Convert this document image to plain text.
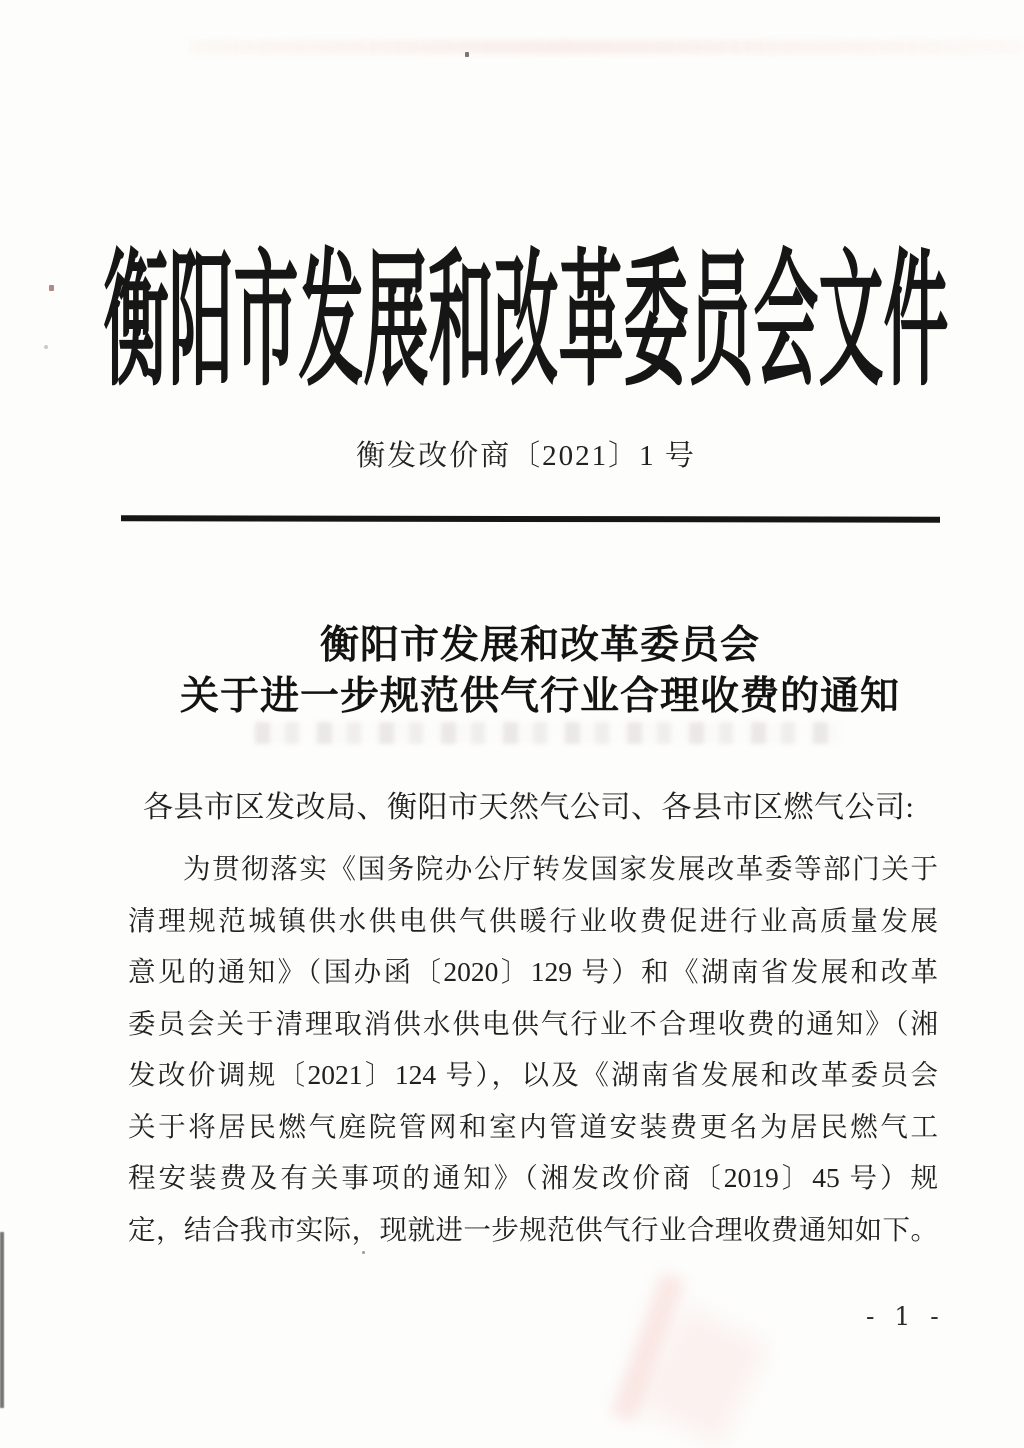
衡阳市发展和改革委员会文件
衡发改价商〔2021〕1 号
衡阳市发展和改革委员会
关于进一步规范供气行业合理收费的通知
各县市区发改局、衡阳市天然气公司、各县市区燃气公司:
为贯彻落实《国务院办公厅转发国家发展改革委等部门关于
清理规范城镇供水供电供气供暖行业收费促进行业高质量发展
意见的通知》（国办函〔2020〕129 号）和《湖南省发展和改革
委员会关于清理取消供水供电供气行业不合理收费的通知》（湘
发改价调规〔2021〕124 号），以及《湖南省发展和改革委员会
关于将居民燃气庭院管网和室内管道安装费更名为居民燃气工
程安装费及有关事项的通知》（湘发改价商〔2019〕45 号）规
定，结合我市实际，现就进一步规范供气行业合理收费通知如下。
- 1 -
